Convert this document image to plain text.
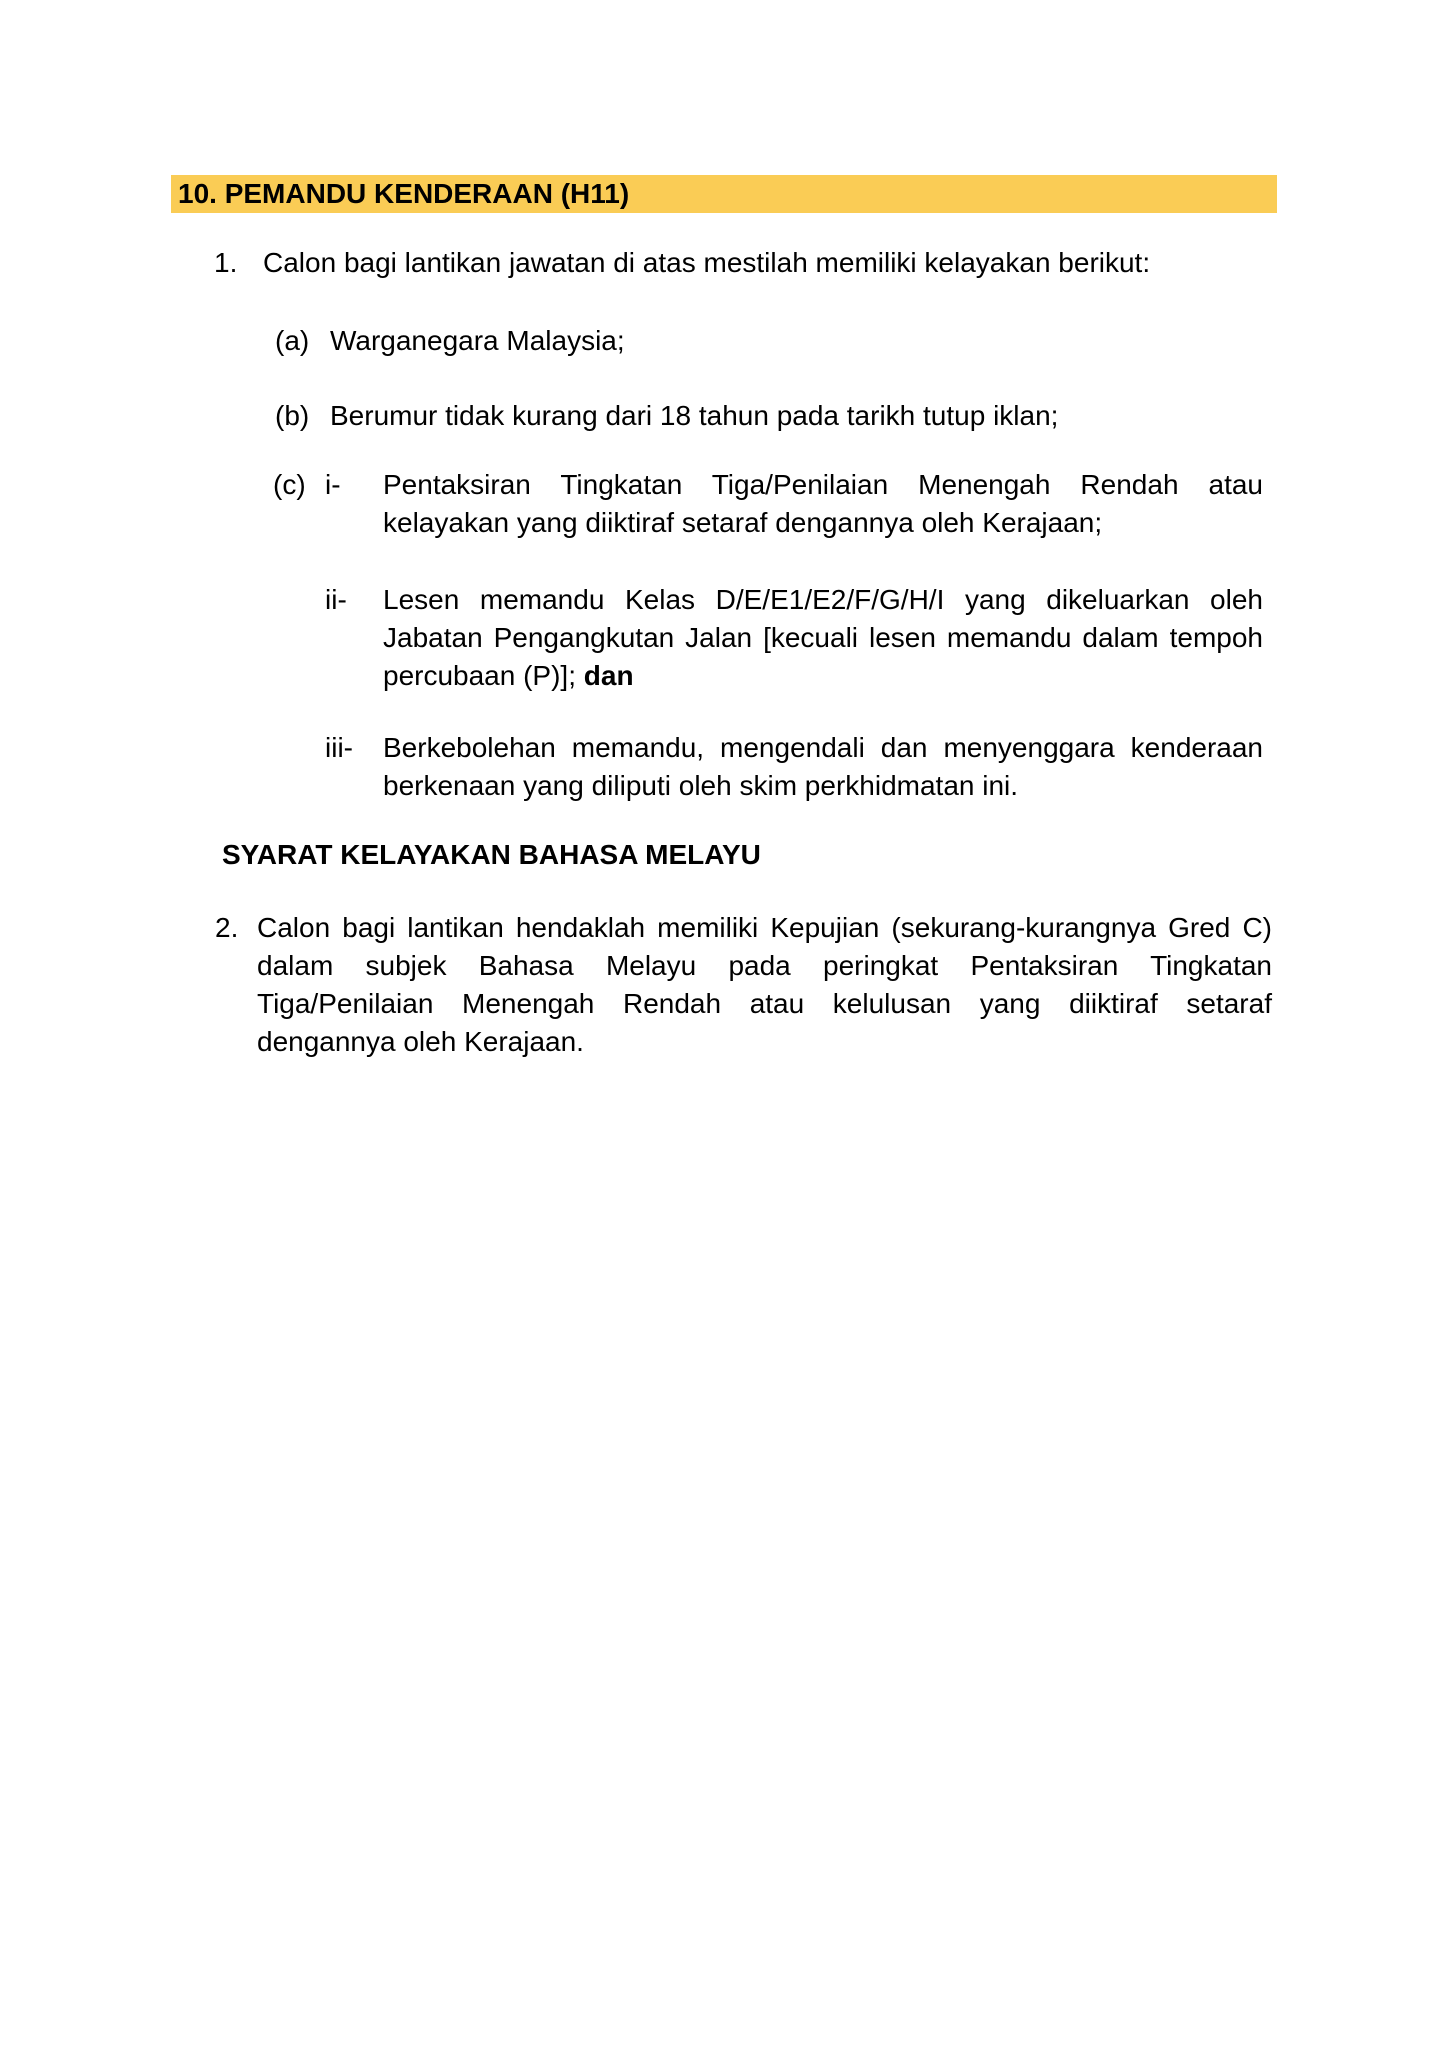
10. PEMANDU KENDERAAN (H11)
1. Calon bagi lantikan jawatan di atas mestilah memiliki kelayakan berikut:
(a) Warganegara Malaysia;
(b) Berumur tidak kurang dari 18 tahun pada tarikh tutup iklan;
(c) i-	Pentaksiran Tingkatan Tiga/Penilaian Menengah Rendah atau kelayakan yang diiktiraf setaraf dengannya oleh Kerajaan;
ii-	Lesen memandu Kelas D/E/E1/E2/F/G/H/I yang dikeluarkan oleh Jabatan Pengangkutan Jalan [kecuali lesen memandu dalam tempoh percubaan (P)]; dan
iii-	Berkebolehan memandu, mengendali dan menyenggara kenderaan berkenaan yang diliputi oleh skim perkhidmatan ini.
SYARAT KELAYAKAN BAHASA MELAYU
2. Calon bagi lantikan hendaklah memiliki Kepujian (sekurang-kurangnya Gred C) dalam subjek Bahasa Melayu pada peringkat Pentaksiran Tingkatan Tiga/Penilaian Menengah Rendah atau kelulusan yang diiktiraf setaraf dengannya oleh Kerajaan.
